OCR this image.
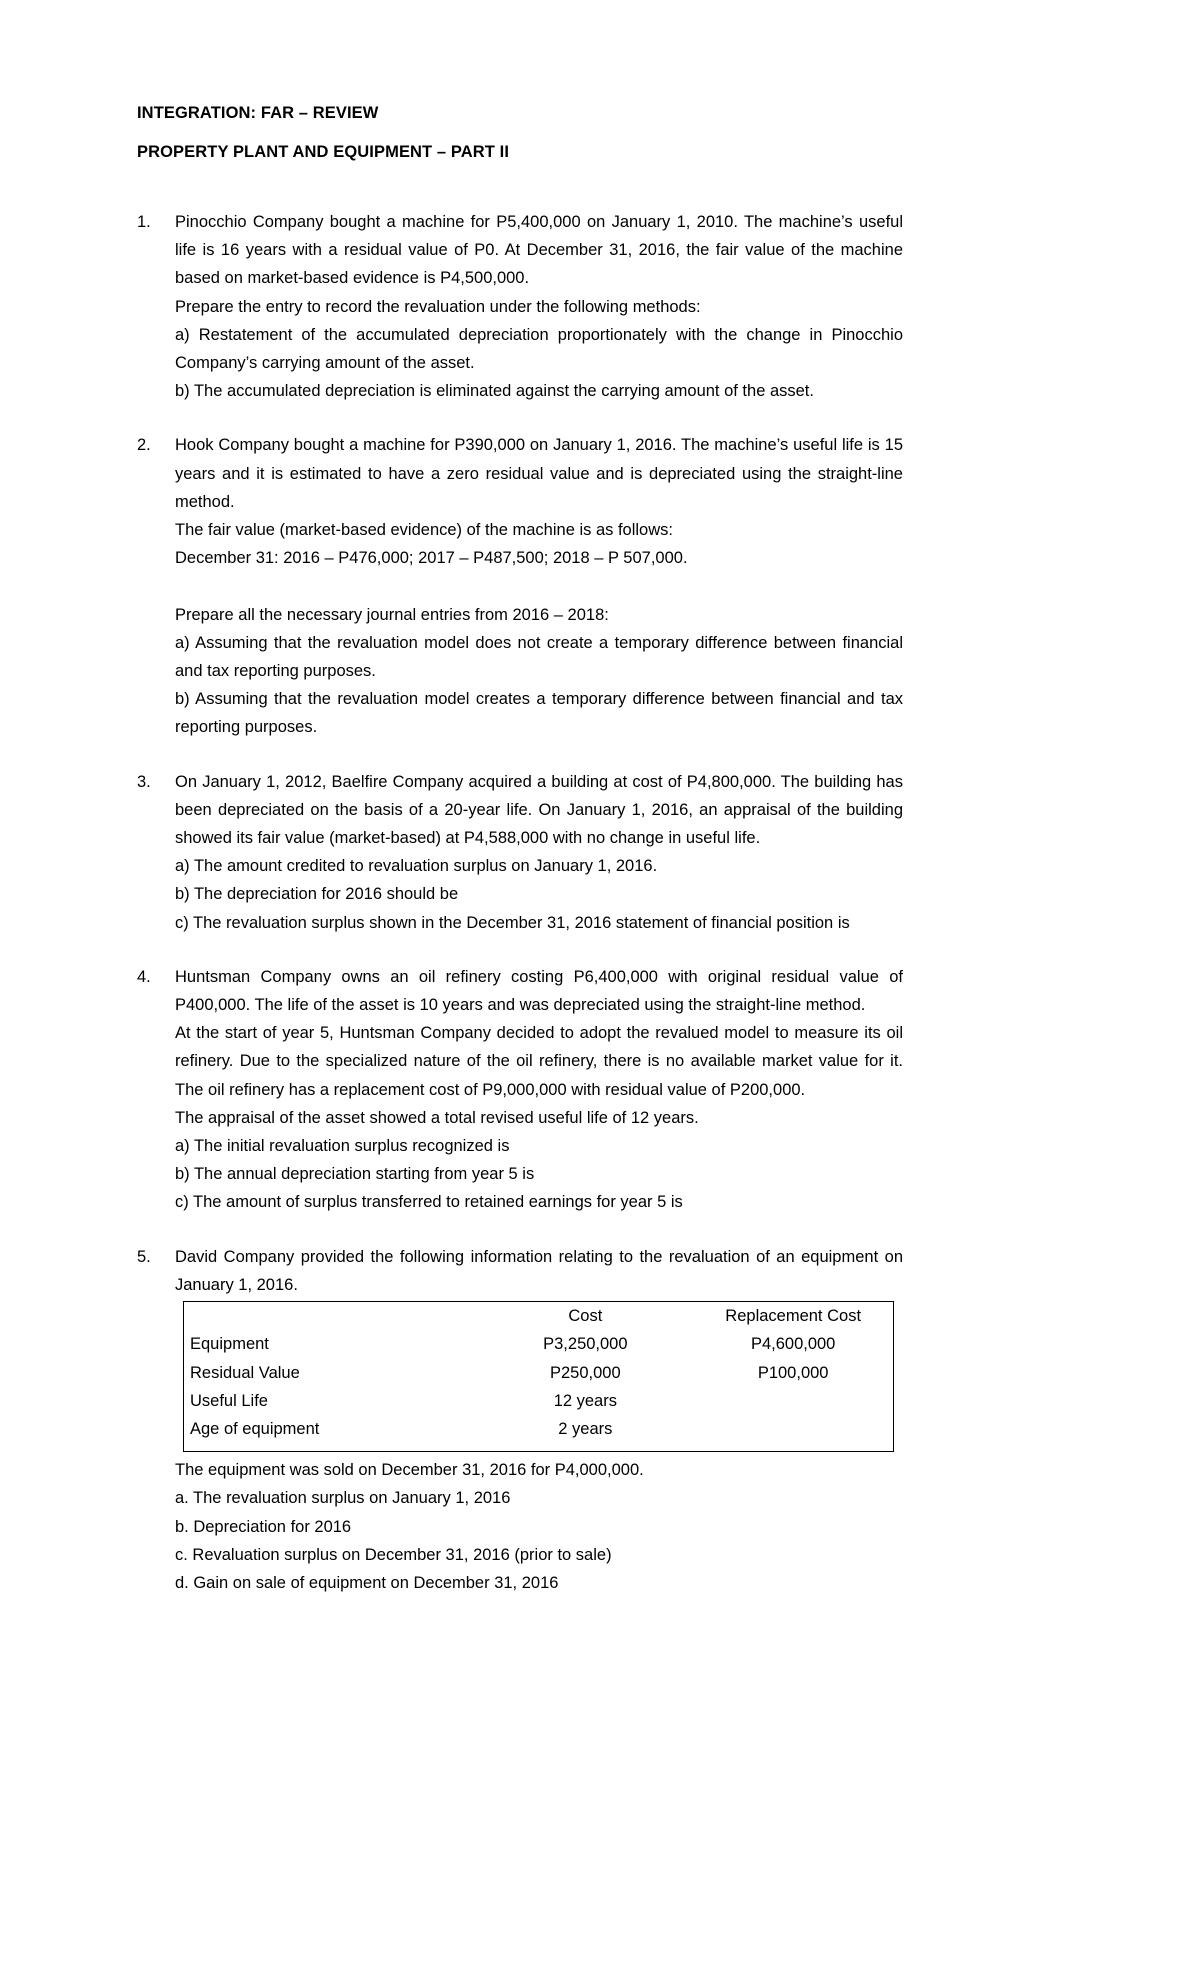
INTEGRATION: FAR – REVIEW
PROPERTY PLANT AND EQUIPMENT – PART II
1.	Pinocchio Company bought a machine for P5,400,000 on January 1, 2010. The machine’s useful life is 16 years with a residual value of P0. At December 31, 2016, the fair value of the machine based on market-based evidence is P4,500,000.

Prepare the entry to record the revaluation under the following methods:

a) Restatement of the accumulated depreciation proportionately with the change in Pinocchio Company’s carrying amount of the asset.

b) The accumulated depreciation is eliminated against the carrying amount of the asset.

2.	Hook Company bought a machine for P390,000 on January 1, 2016. The machine’s useful life is 15 years and it is estimated to have a zero residual value and is depreciated using the straight-line method.

The fair value (market-based evidence) of the machine is as follows:

December 31: 2016 – P476,000; 2017 – P487,500; 2018 – P 507,000.

Prepare all the necessary journal entries from 2016 – 2018:

a) Assuming that the revaluation model does not create a temporary difference between financial and tax reporting purposes.

b) Assuming that the revaluation model creates a temporary difference between financial and tax reporting purposes.

3.	On January 1, 2012, Baelfire Company acquired a building at cost of P4,800,000. The building has been depreciated on the basis of a 20-year life. On January 1, 2016, an appraisal of the building showed its fair value (market-based) at P4,588,000 with no change in useful life.

a) The amount credited to revaluation surplus on January 1, 2016.

b) The depreciation for 2016 should be

c) The revaluation surplus shown in the December 31, 2016 statement of financial position is

4.	Huntsman Company owns an oil refinery costing P6,400,000 with original residual value of P400,000. The life of the asset is 10 years and was depreciated using the straight-line method.

At the start of year 5, Huntsman Company decided to adopt the revalued model to measure its oil refinery. Due to the specialized nature of the oil refinery, there is no available market value for it. The oil refinery has a replacement cost of P9,000,000 with residual value of P200,000.

The appraisal of the asset showed a total revised useful life of 12 years.

a) The initial revaluation surplus recognized is

b) The annual depreciation starting from year 5 is

c) The amount of surplus transferred to retained earnings for year 5 is

5.	David Company provided the following information relating to the revaluation of an equipment on January 1, 2016.

	Cost	Replacement Cost
Equipment	P3,250,000	P4,600,000
Residual Value	P250,000	P100,000
Useful Life	12 years	
Age of equipment	2 years	

The equipment was sold on December 31, 2016 for P4,000,000.

a. The revaluation surplus on January 1, 2016

b. Depreciation for 2016

c. Revaluation surplus on December 31, 2016 (prior to sale)

d. Gain on sale of equipment on December 31, 2016
